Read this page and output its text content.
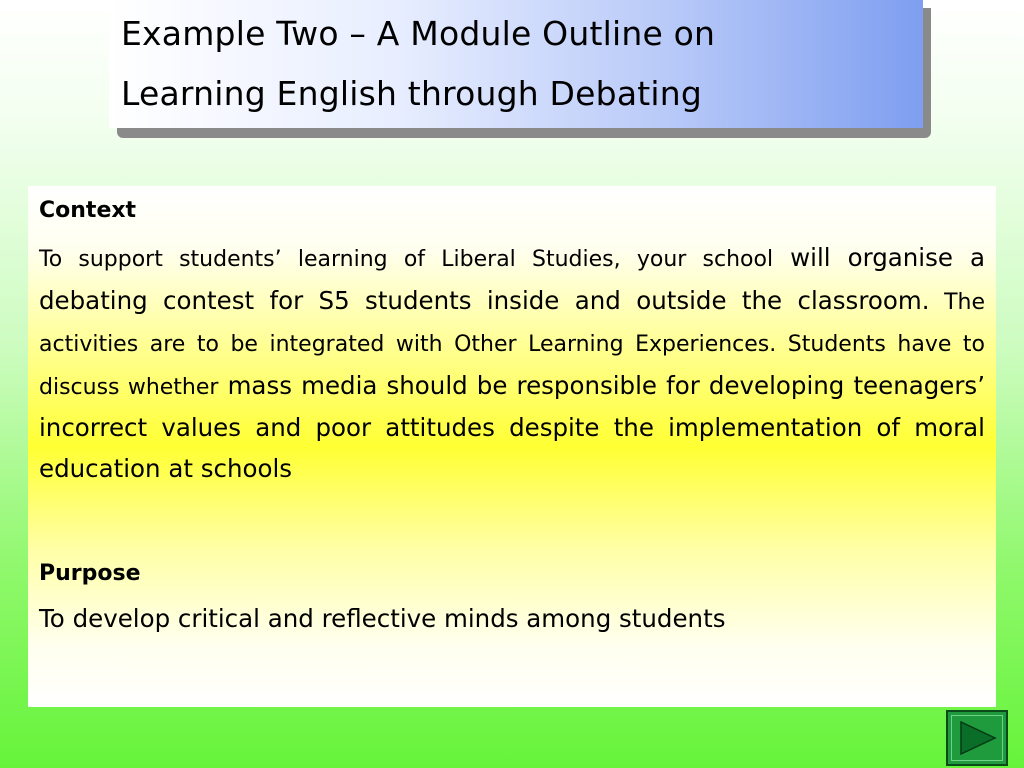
Example Two – A Module Outline on
Learning English through Debating

Context

To support students’ learning of Liberal Studies, your school will organise a debating contest for S5 students inside and outside the classroom. The activities are to be integrated with Other Learning Experiences. Students have to discuss whether mass media should be responsible for developing teenagers’ incorrect values and poor attitudes despite the implementation of moral education at schools

Purpose

To develop critical and reflective minds among students
